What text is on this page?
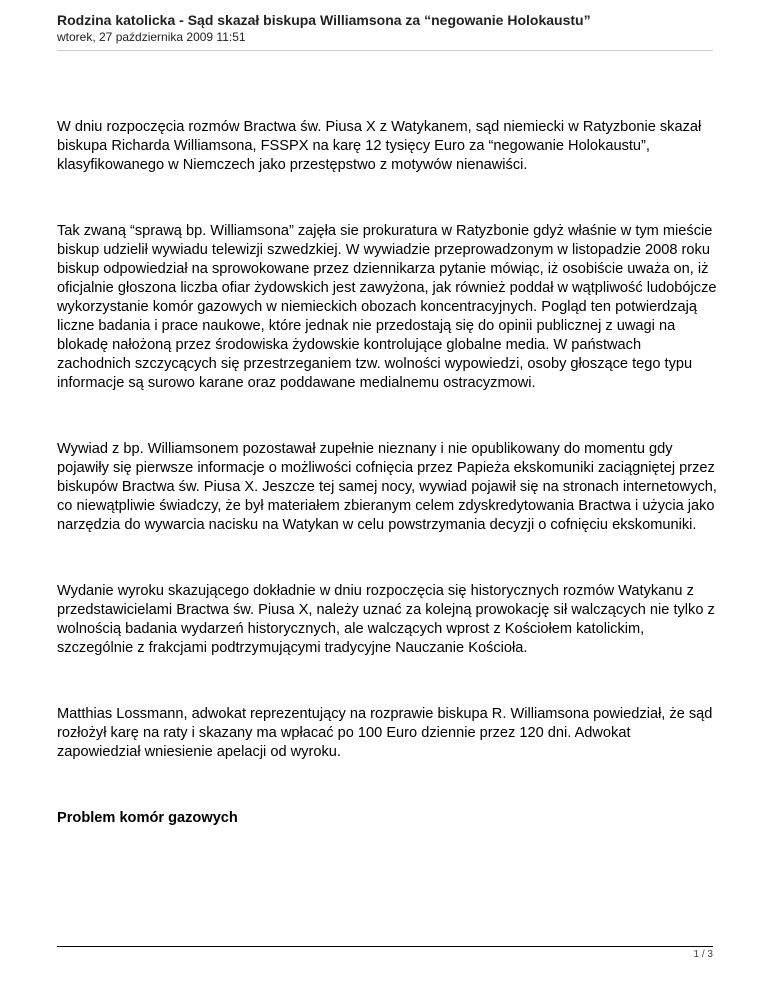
Rodzina katolicka - Sąd skazał biskupa Williamsona za “negowanie Holokaustu”
wtorek, 27 października 2009 11:51

W dniu rozpoczęcia rozmów Bractwa św. Piusa X z Watykanem, sąd niemiecki w Ratyzbonie skazał biskupa Richarda Williamsona, FSSPX na karę 12 tysięcy Euro za “negowanie Holokaustu”, klasyfikowanego w Niemczech jako przestępstwo z motywów nienawiści.

Tak zwaną “sprawą bp. Williamsona” zajęła sie prokuratura w Ratyzbonie gdyż właśnie w tym mieście biskup udzielił wywiadu telewizji szwedzkiej. W wywiadzie przeprowadzonym w listopadzie 2008 roku biskup odpowiedział na sprowokowane przez dziennikarza pytanie mówiąc, iż osobiście uważa on, iż oficjalnie głoszona liczba ofiar żydowskich jest zawyżona, jak również poddał w wątpliwość ludobójcze wykorzystanie komór gazowych w niemieckich obozach koncentracyjnych. Pogląd ten potwierdzają liczne badania i prace naukowe, które jednak nie przedostają się do opinii publicznej z uwagi na blokadę nałożoną przez środowiska żydowskie kontrolujące globalne media. W państwach zachodnich szczycących się przestrzeganiem tzw. wolności wypowiedzi, osoby głoszące tego typu informacje są surowo karane oraz poddawane medialnemu ostracyzmowi.

Wywiad z bp. Williamsonem pozostawał zupełnie nieznany i nie opublikowany do momentu gdy pojawiły się pierwsze informacje o możliwości cofnięcia przez Papieża ekskomuniki zaciągniętej przez biskupów Bractwa św. Piusa X. Jeszcze tej samej nocy, wywiad pojawił się na stronach internetowych, co niewątpliwie świadczy, że był materiałem zbieranym celem zdyskredytowania Bractwa i użycia jako narzędzia do wywarcia nacisku na Watykan w celu powstrzymania decyzji o cofnięciu ekskomuniki.

Wydanie wyroku skazującego dokładnie w dniu rozpoczęcia się historycznych rozmów Watykanu z przedstawicielami Bractwa św. Piusa X, należy uznać za kolejną prowokację sił walczących nie tylko z wolnością badania wydarzeń historycznych, ale walczących wprost z Kościołem katolickim, szczególnie z frakcjami podtrzymującymi tradycyjne Nauczanie Kościoła.

Matthias Lossmann, adwokat reprezentujący na rozprawie biskupa R. Williamsona powiedział, że sąd rozłożył karę na raty i skazany ma wpłacać po 100 Euro dziennie przez 120 dni. Adwokat zapowiedział wniesienie apelacji od wyroku.

Problem komór gazowych

1 / 3
